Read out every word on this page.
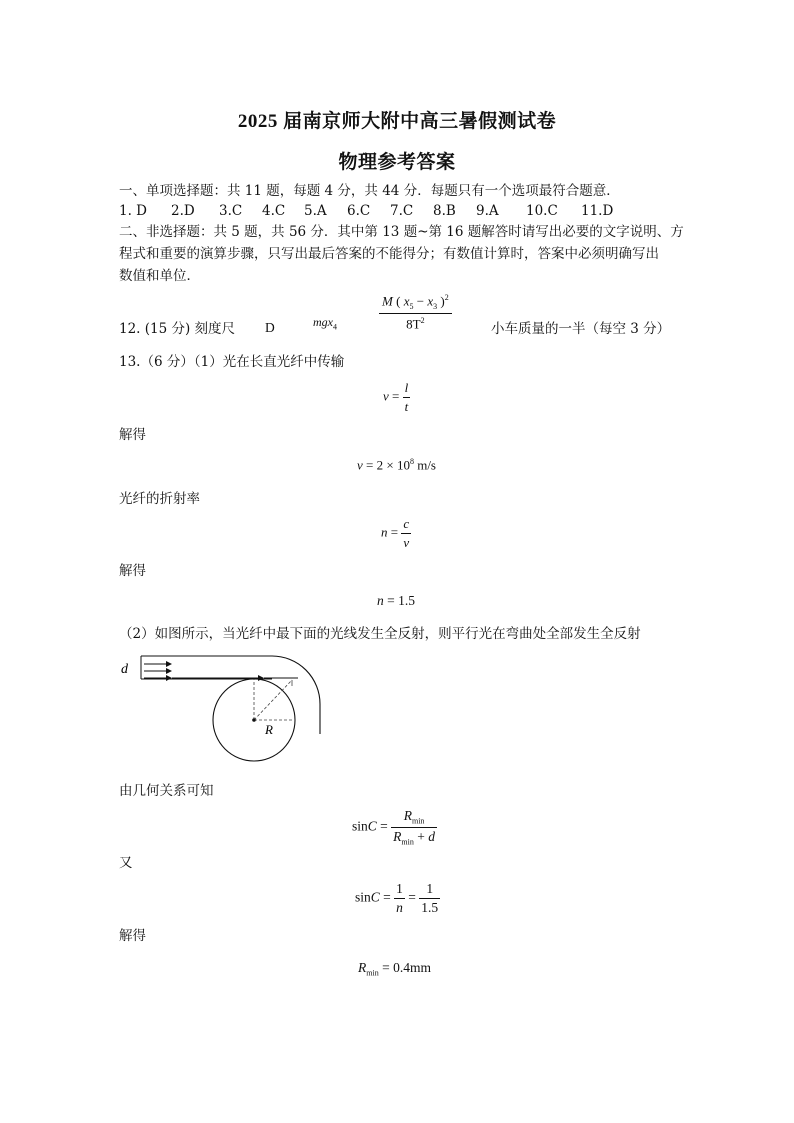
2025 届南京师大附中高三暑假测试卷
物理参考答案
一、单项选择题：共 11 题，每题 4 分，共 44 分．每题只有一个选项最符合题意．
1. D 2.D 3.C 4.C 5.A 6.C 7.C 8.B 9.A 10.C 11.D
二、非选择题：共 5 题，共 56 分．其中第 13 题~第 16 题解答时请写出必要的文字说明、方
程式和重要的演算步骤，只写出最后答案的不能得分；有数值计算时，答案中必须明确写出
数值和单位．
12. (15 分) 刻度尺 D	mgx$_4$	$\frac{M ( x_5 - x_3 )^2}{8T^2}$	小车质量的一半（每空 3 分）
13.（6 分）（1）光在长直光纤中传输
$v = \frac{l}{t}$
解得
$v = 2 \times 10^8$ m/s
光纤的折射率
$n = \frac{c}{v}$
解得
n = 1.5
（2）如图所示，当光纤中最下面的光线发生全反射，则平行光在弯曲处全部发生全反射
d
R
由几何关系可知
$\sin C = \frac{R_{min}}{R_{min} + d}$
又
$\sin C = \frac{1}{n} = \frac{1}{1.5}$
解得
$R_{min} = 0.4mm$
